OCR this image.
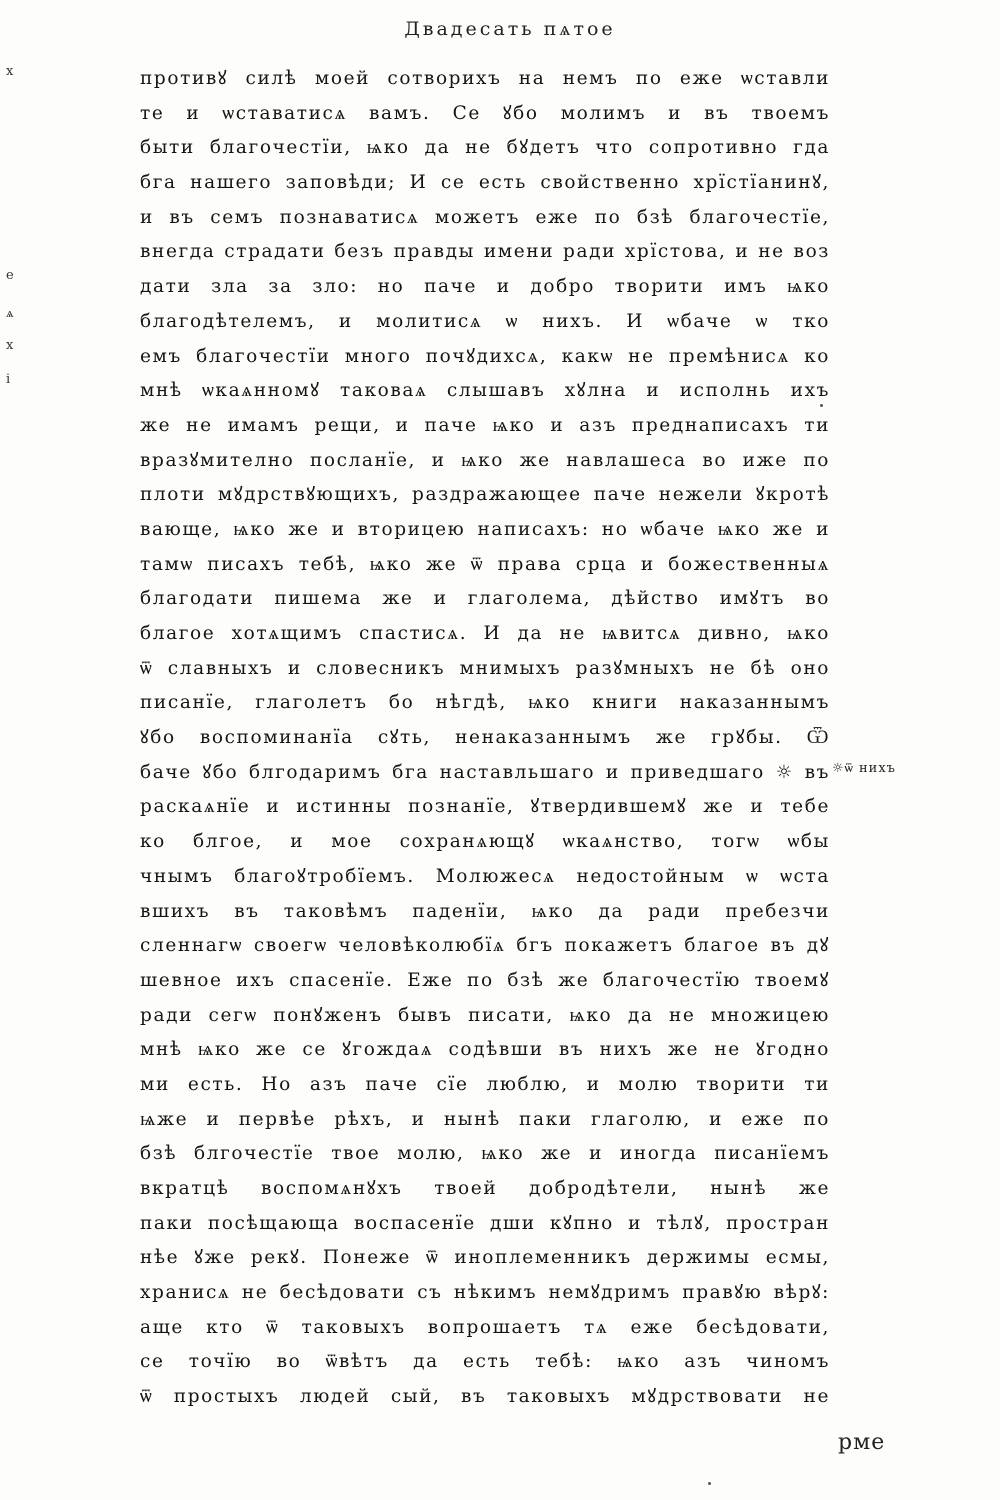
х
е
ѧ
х
і
Двадесать пѧтое
противꙋ силѣ моей сотворихъ на немъ по еже ѡставли
те и ѡставатисѧ вамъ. Се ꙋбо молимъ и въ твоемъ
быти благочестїи, ѩко да не бꙋдетъ что сопротивно гда
бга нашего заповѣди; И се есть свойственно хрїстїанинꙋ,
и въ семъ познаватисѧ можетъ еже по бзѣ благочестїе,
внегда страдати безъ правды имени ради хрїстова, и не воз
дати зла за зло: но паче и добро творити имъ ѩко
благодѣтелемъ, и молитисѧ ѡ нихъ. И ѡбаче ѡ тко
емъ благочестїи много почꙋдихсѧ, какѡ не премѣнисѧ ко
мнѣ ѡкаѧнномꙋ таковаѧ слышавъ хꙋлна и исполнь ихъ
же не имамъ рещи, и паче ѩко и азъ преднаписахъ ти
вразꙋмително посланїе, и ѩко же навлашеса во иже по
плоти мꙋдрствꙋющихъ, раздражающее паче нежели ꙋкротѣ
вающе, ѩко же и вторицею написахъ: но ѡбаче ѩко же и
тамѡ писахъ тебѣ, ѩко же ѿ права срца и божественныѧ
благодати пишема же и глаголема, дѣйство имꙋтъ во
благое хотѧщимъ спастисѧ. И да не ѩвитсѧ дивно, ѩко
ѿ славныхъ и словесникъ мнимыхъ разꙋмныхъ не бѣ оно
писанїе, глаголетъ бо нѣгдѣ, ѩко книги наказаннымъ
ꙋбо воспоминанїа сꙋть, ненаказаннымъ же грꙋбы. Ѿ
баче ꙋбо блгодаримъ бга наставльшаго и приведшаго ☼ въ
раскаѧнїе и истинны познанїе, ꙋтвердившемꙋ же и тебе
ко блгое, и мое сохранѧющꙋ ѡкаѧнство, тогѡ ѡбы
чнымъ благоꙋтробїемъ. Молюжесѧ недостойным ѡ ѡста
вшихъ въ таковѣмъ паденїи, ѩко да ради пребезчи
сленнагѡ своегѡ человѣколюбїѧ бгъ покажетъ благое въ дꙋ
шевное ихъ спасенїе. Еже по бзѣ же благочестїю твоемꙋ
ради сегѡ понꙋженъ бывъ писати, ѩко да не множицею
мнѣ ѩко же се ꙋгождаѧ содѣвши въ нихъ же не ꙋгодно
ми есть. Но азъ паче сїе люблю, и молю творити ти
ѩже и первѣе рѣхъ, и нынѣ паки глаголю, и еже по
бзѣ блгочестїе твое молю, ѩко же и иногда писанїемъ
вкратцѣ воспомѧнꙋхъ твоей добродѣтели, нынѣ же
паки посѣщающа воспасенїе дши кꙋпно и тѣлꙋ, простран
нѣе ꙋже рекꙋ. Понеже ѿ иноплеменникъ держимы есмы,
хранисѧ не бесѣдовати съ нѣкимъ немꙋдримъ правꙋю вѣрꙋ:
аще кто ѿ таковыхъ вопрошаетъ тѧ еже бесѣдовати,
се точїю во ѿвѣтъ да есть тебѣ: ѩко азъ чиномъ
ѿ простыхъ людей сый, въ таковыхъ мꙋдрствовати не
☼ѿ нихъ
рме
